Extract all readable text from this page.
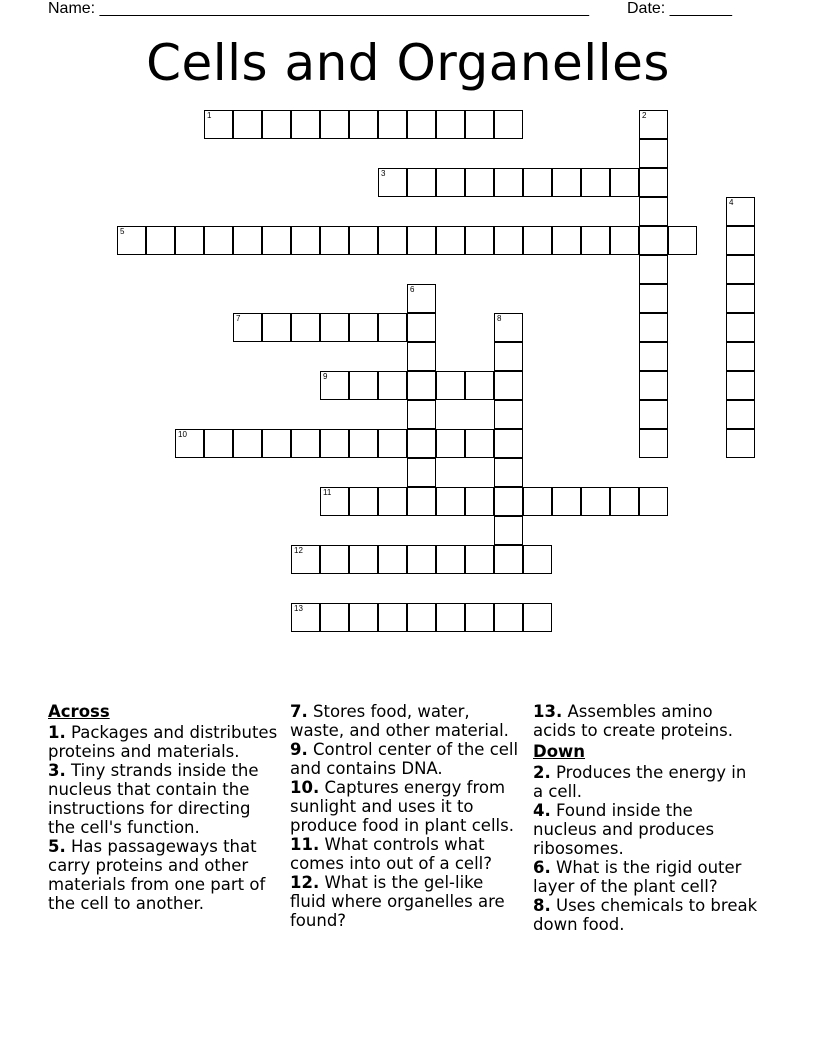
Name: _______________________________________________________ Date: _______
Cells and Organelles
1	2
3
4
5
6
7	8
9
10
11
12
13
Across

1. Packages and distributes proteins and materials.

3. Tiny strands inside the nucleus that contain the instructions for directing the cell's function.

5. Has passageways that carry proteins and other materials from one part of the cell to another.

7. Stores food, water, waste, and other material.

9. Control center of the cell and contains DNA.

10. Captures energy from sunlight and uses it to produce food in plant cells.

11. What controls what comes into out of a cell?

12. What is the gel-like fluid where organelles are found?

13. Assembles amino acids to create proteins.

Down

2. Produces the energy in a cell.

4. Found inside the nucleus and produces ribosomes.

6. What is the rigid outer layer of the plant cell?

8. Uses chemicals to break down food.
